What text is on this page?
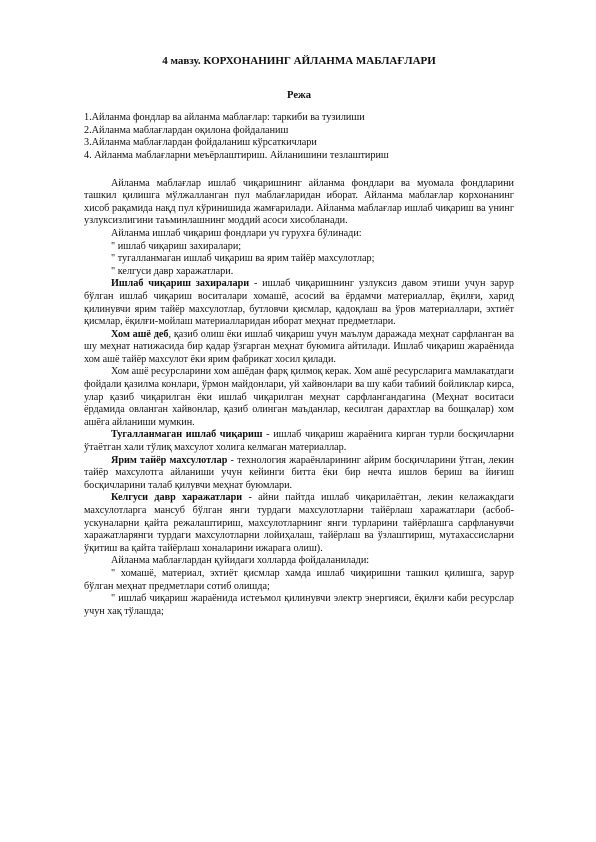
4 мавзу. КОРХОНАНИНГ АЙЛАНМА МАБЛАҒЛАРИ
Режа
1.Айланма фондлар ва айланма маблағлар: таркиби ва тузилиши
2.Айланма маблағлардан оқилона фойдаланиш
3.Айланма маблағлардан фойдаланиш кўрсаткичлари
4. Айланма маблағларни меъёрлаштириш. Айланишини тезлаштириш

Айланма маблағлар ишлаб чиқаришнинг айланма фондлари ва муомала фондларини ташкил қилишга мўлжалланган пул маблағларидан иборат. Айланма маблағлар корхонанинг хисоб рақамида нақд пул кўринишида жамғарилади. Айланма маблағлар ишлаб чиқариш ва унинг узлуксизлигини таъминлашнинг моддий асоси хисобланади.

Айланма ишлаб чиқариш фондлари уч гурухға бўлинади:

" ишлаб чиқариш захиралари;

" тугалланмаган ишлаб чиқариш ва ярим тайёр махсулотлар;

" келгуси давр харажатлари.

Ишлаб чиқариш захиралари - ишлаб чиқаришнинг узлуксиз давом этиши учун зарур бўлган ишлаб чиқариш воситалари хомашё, асосий ва ёрдамчи материаллар, ёқилғи, харид қилинувчи ярим тайёр махсулотлар, бутловчи қисмлар, қадоқлаш ва ўров материаллари, эхтиёт қисмлар, ёқилғи-мойлаш материалларидан иборат меҳнат предметлари.

Хом ашё деб, қазиб олиш ёки ишлаб чиқариш учун маълум даражада меҳнат сарфланган ва шу меҳнат натижасида бир қадар ўзгарган меҳнат буюмига айтилади. Ишлаб чиқариш жараёнида хом ашё тайёр махсулот ёки ярим фабрикат хосил қилади.

Хом ашё ресурсларини хом ашёдан фарқ қилмоқ керак. Хом ашё ресурсларига мамлакатдаги фойдали қазилма конлари, ўрмон майдонлари, уй хайвонлари ва шу каби табиий бойликлар кирса, улар қазиб чиқарилган ёки ишлаб чиқарилган меҳнат сарфлангандагина (Меҳнат воситаси ёрдамида овланган хайвонлар, қазиб олинган маъданлар, кесилган дарахтлар ва бошқалар) хом ашёга айланиши мумкин.

Тугалланмаган ишлаб чиқариш - ишлаб чиқариш жараёнига кирган турли босқичларни ўтаётган хали тўлиқ махсулот холига келмаган материаллар.

Ярим тайёр махсулотлар - технология жараёнларининг айрим босқичларини ўтган, лекин тайёр махсулотга айланиши учун кейинги битта ёки бир нечта ишлов бериш ва йиғиш босқичларини талаб қилувчи меҳнат буюмлари.

Келгуси давр харажатлари - айни пайтда ишлаб чиқарилаётган, лекин келажакдаги махсулотларга мансуб бўлган янги турдаги махсулотларни тайёрлаш харажатлари (асбоб-ускуналарни қайта режалаштириш, махсулотларнинг янги турларини тайёрлашга сарфланувчи харажатларянги турдаги махсулотларни лойиҳалаш, тайёрлаш ва ўзлаштириш, мутахассисларни ўқитиш ва қайта тайёрлаш хоналарини ижарага олиш).

Айланма маблағлардан қуйидаги холларда фойдаланилади:

" хомашё, материал, эхтиёт қисмлар хамда ишлаб чиқиришни ташкил қилишга, зарур бўлган меҳнат предметлари сотиб олишда;

" ишлаб чиқариш жараёнида истеъмол қилинувчи электр энергияси, ёқилғи каби ресурслар учун хақ тўлашда;
